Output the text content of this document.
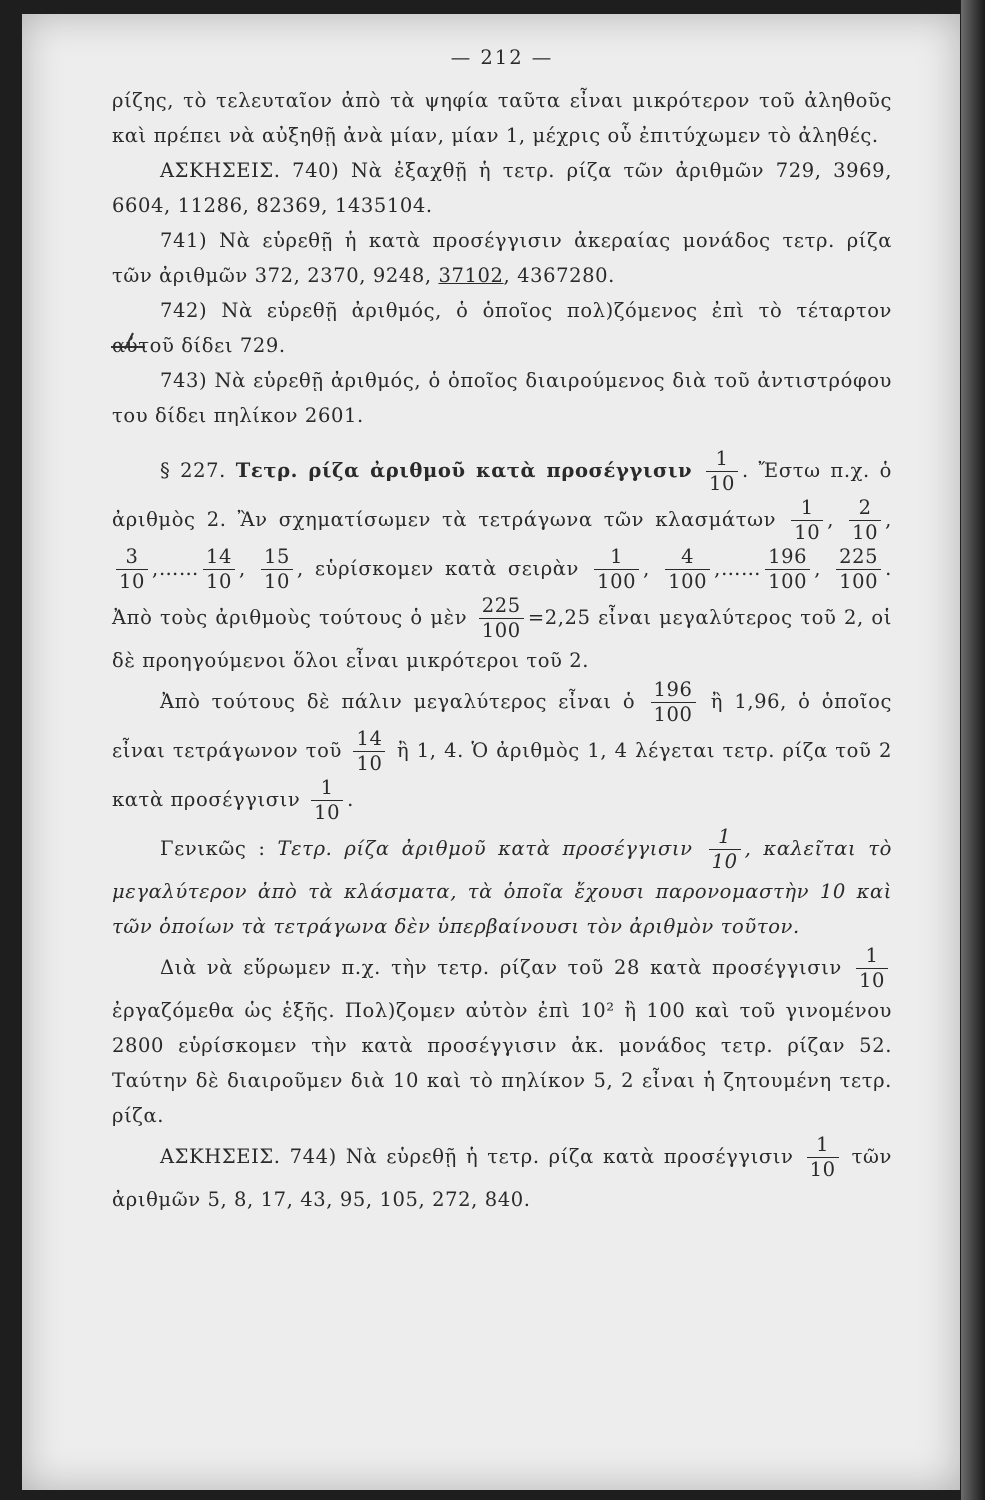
— 212 —

ρίζης, τὸ τελευταῖον ἀπὸ τὰ ψηφία ταῦτα εἶναι μικρότερον τοῦ ἀληθοῦς καὶ πρέπει νὰ αὐξηθῇ ἀνὰ μίαν, μίαν 1, μέχρις οὗ ἐπιτύχωμεν τὸ ἀληθές.

ΑΣΚΗΣΕΙΣ. 740) Νὰ ἐξαχθῇ ἡ τετρ. ρίζα τῶν ἀριθμῶν 729, 3969, 6604, 11286, 82369, 1435104.

741) Νὰ εὑρεθῇ ἡ κατὰ προσέγγισιν ἀκεραίας μονάδος τετρ. ρίζα τῶν ἀριθμῶν 372, 2370, 9248, 37102, 4367280.

742) Νὰ εὑρεθῇ ἀριθμός, ὁ ὁποῖος πολ)ζόμενος ἐπὶ τὸ τέταρτον αὐτοῦ δίδει 729.

743) Νὰ εὑρεθῇ ἀριθμός, ὁ ὁποῖος διαιρούμενος διὰ τοῦ ἀντιστρόφου του δίδει πηλίκον 2601.

§ 227. Τετρ. ρίζα ἀριθμοῦ κατὰ προσέγγισιν $\frac{1}{10}$ . Ἔστω π.χ. ὁ ἀριθμὸς 2. Ἂν σχηματίσωμεν τὰ τετράγωνα τῶν κλασμάτων $\frac{1}{10}$ , $\frac{2}{10}$ ,
$\frac{3}{10}$ ,…… $\frac{14}{10}$ , $\frac{15}{10}$ , εὑρίσκομεν κατὰ σειρὰν $\frac{1}{100}$ , $\frac{4}{100}$ ,…… $\frac{196}{100}$ , $\frac{225}{100}$ . Ἀπὸ τοὺς ἀριθμοὺς τούτους ὁ μὲν $\frac{225}{100} =2,25$ εἶναι μεγαλύτερος τοῦ 2, οἱ δὲ προηγούμενοι ὅλοι εἶναι μικρότεροι τοῦ 2.

Ἀπὸ τούτους δὲ πάλιν μεγαλύτερος εἶναι ὁ $\frac{196}{100}$ ἢ 1,96, ὁ ὁποῖος εἶναι τετράγωνον τοῦ $\frac{14}{10}$ ἢ 1, 4. Ὁ ἀριθμὸς 1, 4 λέγεται τετρ. ρίζα τοῦ 2 κατὰ προσέγγισιν $\frac{1}{10}$ .

Γενικῶς : Τετρ. ρίζα ἀριθμοῦ κατὰ προσέγγισιν $\frac{1}{10}$ , καλεῖται τὸ μεγαλύτερον ἀπὸ τὰ κλάσματα, τὰ ὁποῖα ἔχουσι παρονομαστὴν 10 καὶ τῶν ὁποίων τὰ τετράγωνα δὲν ὑπερβαίνουσι τὸν ἀριθμὸν τοῦτον.

Διὰ νὰ εὕρωμεν π.χ. τὴν τετρ. ρίζαν τοῦ 28 κατὰ προσέγγισιν $\frac{1}{10}$
ἐργαζόμεθα ὡς ἑξῆς. Πολ)ζομεν αὐτὸν ἐπὶ 10² ἢ 100 καὶ τοῦ γινομένου 2800 εὑρίσκομεν τὴν κατὰ προσέγγισιν ἀκ. μονάδος τετρ. ρίζαν 52. Ταύτην δὲ διαιροῦμεν διὰ 10 καὶ τὸ πηλίκον 5, 2 εἶναι ἡ ζητουμένη τετρ. ρίζα.

ΑΣΚΗΣΕΙΣ. 744) Νὰ εὑρεθῇ ἡ τετρ. ρίζα κατὰ προσέγγισιν $\frac{1}{10}$ τῶν ἀριθμῶν 5, 8, 17, 43, 95, 105, 272, 840.
